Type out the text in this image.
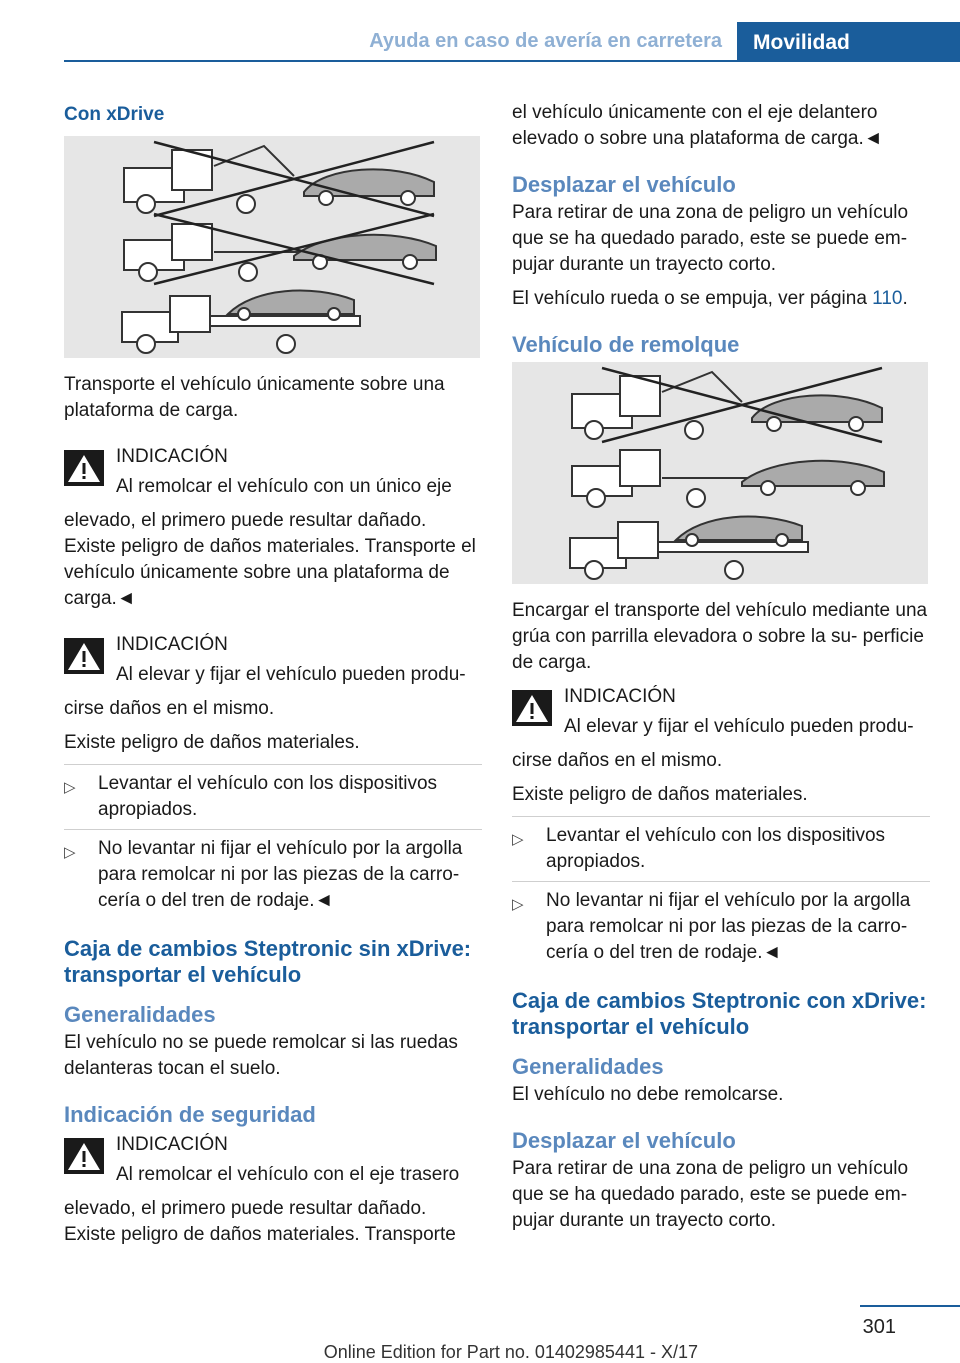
Ayuda en caso de avería en carretera	Movilidad
Con xDrive

Transporte el vehículo únicamente sobre una plataforma de carga.

INDICACIÓN
Al remolcar el vehículo con un único eje

elevado, el primero puede resultar dañado. Existe peligro de daños materiales. Transporte el vehículo únicamente sobre una plataforma de carga.◄

INDICACIÓN
Al elevar y fijar el vehículo pueden produ‐

cirse daños en el mismo.

Existe peligro de daños materiales.

▷ Levantar el vehículo con los dispositivos apropiados.
▷ No levantar ni fijar el vehículo por la argolla para remolcar ni por las piezas de la carro‐ cería o del tren de rodaje.◄
Caja de cambios Steptronic sin xDrive: transportar el vehículo
Generalidades

El vehículo no se puede remolcar si las ruedas delanteras tocan el suelo.

Indicación de seguridad
INDICACIÓN
Al remolcar el vehículo con el eje trasero

elevado, el primero puede resultar dañado. Existe peligro de daños materiales. Transporte

el vehículo únicamente con el eje delantero elevado o sobre una plataforma de carga.◄

Desplazar el vehículo

Para retirar de una zona de peligro un vehículo que se ha quedado parado, este se puede em‐ pujar durante un trayecto corto.

El vehículo rueda o se empuja, ver página 110.

Vehículo de remolque

Encargar el transporte del vehículo mediante una grúa con parrilla elevadora o sobre la su‐ perficie de carga.

INDICACIÓN
Al elevar y fijar el vehículo pueden produ‐

cirse daños en el mismo.

Existe peligro de daños materiales.

▷ Levantar el vehículo con los dispositivos apropiados.
▷ No levantar ni fijar el vehículo por la argolla para remolcar ni por las piezas de la carro‐ cería o del tren de rodaje.◄
Caja de cambios Steptronic con xDrive: transportar el vehículo
Generalidades

El vehículo no debe remolcarse.

Desplazar el vehículo

Para retirar de una zona de peligro un vehículo que se ha quedado parado, este se puede em‐ pujar durante un trayecto corto.

301
Online Edition for Part no. 01402985441 - X/17
